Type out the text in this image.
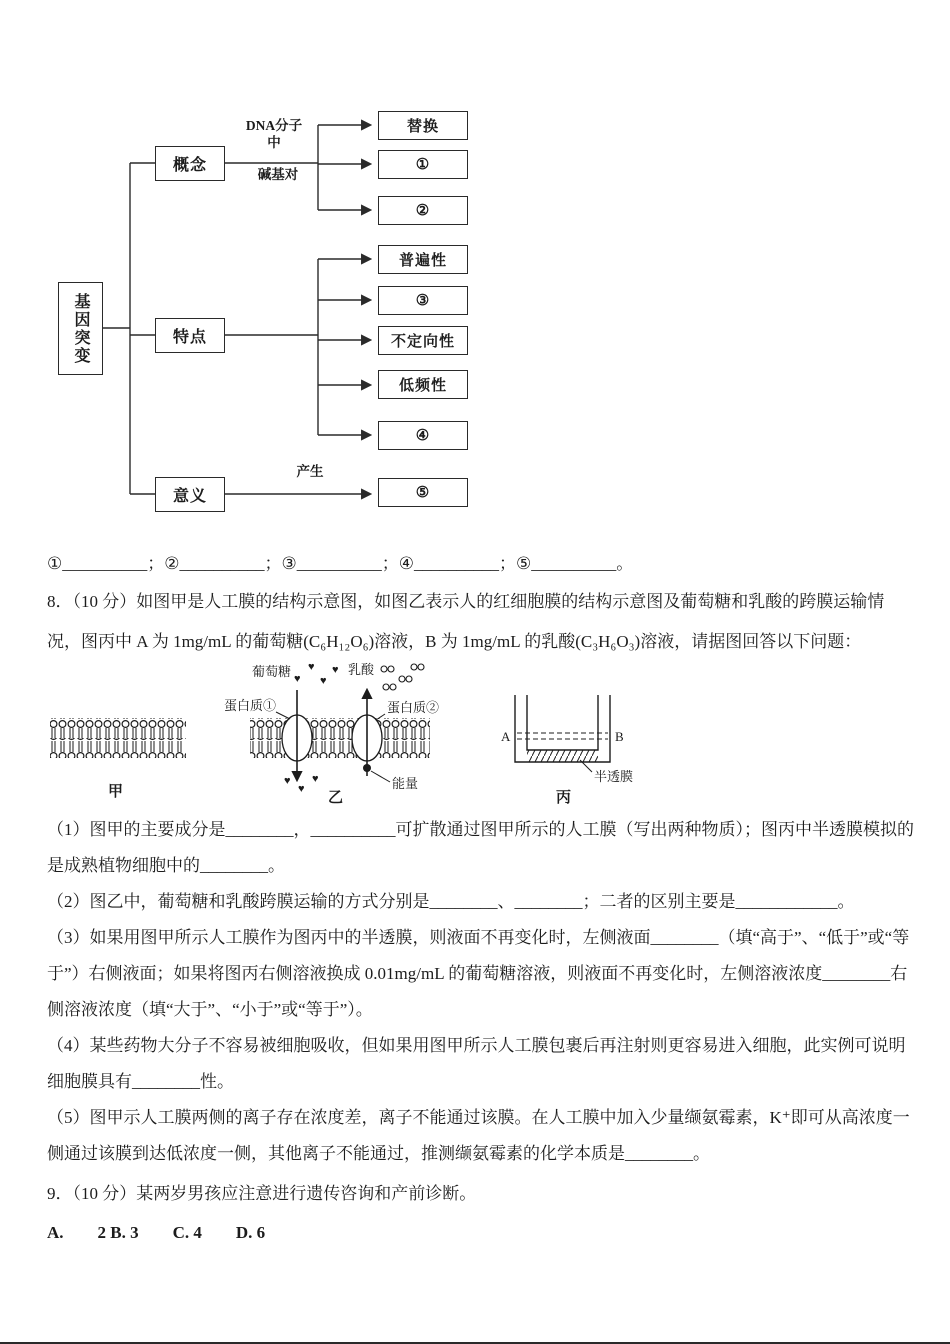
基因突变
概念
特点
意义
DNA分子中
碱基对
产生
替换
①
②
普遍性
③
不定向性
低频性
④
⑤

①__________；②__________；③__________；④__________；⑤__________。

8．（10 分）如图甲是人工膜的结构示意图，如图乙表示人的红细胞膜的结构示意图及葡萄糖和乳酸的跨膜运输情况，图丙中 A 为 1mg/mL 的葡萄糖(C₆H₁₂O₆)溶液，B 为 1mg/mL 的乳酸(C₃H₆O₃)溶液，请据图回答以下问题：

甲
能量
葡萄糖	乳酸
♥
♥
♥
♥
♥
♥
♥
蛋白质①	蛋白质②
乙
A	B
半透膜
丙

（1）图甲的主要成分是________，__________可扩散通过图甲所示的人工膜（写出两种物质）；图丙中半透膜模拟的是成熟植物细胞中的________。

（2）图乙中，葡萄糖和乳酸跨膜运输的方式分别是________、________；二者的区别主要是____________。

（3）如果用图甲所示人工膜作为图丙中的半透膜，则液面不再变化时，左侧液面________（填“高于”、“低于”或“等于”）右侧液面；如果将图丙右侧溶液换成 0.01mg/mL 的葡萄糖溶液，则液面不再变化时，左侧溶液浓度________右侧溶液浓度（填“大于”、“小于”或“等于”）。

（4）某些药物大分子不容易被细胞吸收，但如果用图甲所示人工膜包裹后再注射则更容易进入细胞，此实例可说明细胞膜具有________性。

（5）图甲示人工膜两侧的离子存在浓度差，离子不能通过该膜。在人工膜中加入少量缬氨霉素，K⁺即可从高浓度一侧通过该膜到达低浓度一侧，其他离子不能通过，推测缬氨霉素的化学本质是________。

9．（10 分）某两岁男孩应注意进行遗传咨询和产前诊断。

A.　　2 B. 3　　C. 4　　D. 6
